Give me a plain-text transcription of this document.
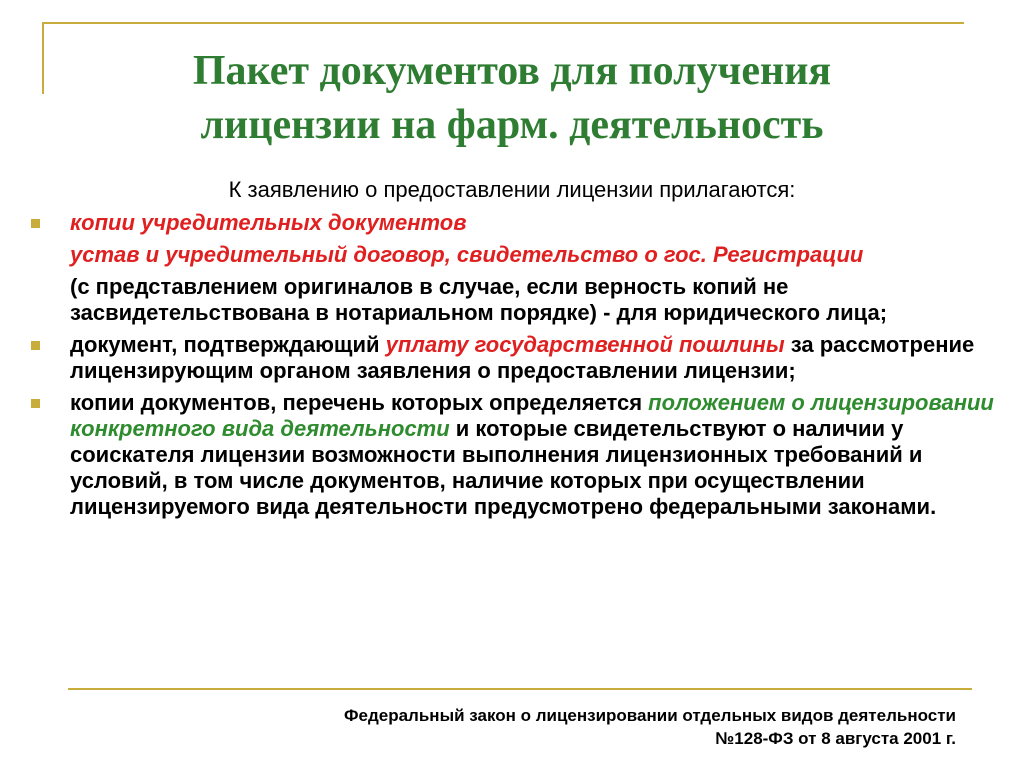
Пакет документов для получения
лицензии на фарм. деятельность
К заявлению о предоставлении лицензии прилагаются:
копии учредительных документов
устав и учредительный договор, свидетельство о гос. Регистрации
(с представлением оригиналов в случае, если верность копий не засвидетельствована в нотариальном порядке) - для юридического лица;
документ, подтверждающий уплату государственной пошлины за рассмотрение лицензирующим органом заявления о предоставлении лицензии;
копии документов, перечень которых определяется положением о лицензировании конкретного вида деятельности и которые свидетельствуют о наличии у соискателя лицензии возможности выполнения лицензионных требований и условий, в том числе документов, наличие которых при осуществлении лицензируемого вида деятельности предусмотрено федеральными законами.
Федеральный закон о лицензировании отдельных видов деятельности
№128-ФЗ от 8 августа 2001 г.
